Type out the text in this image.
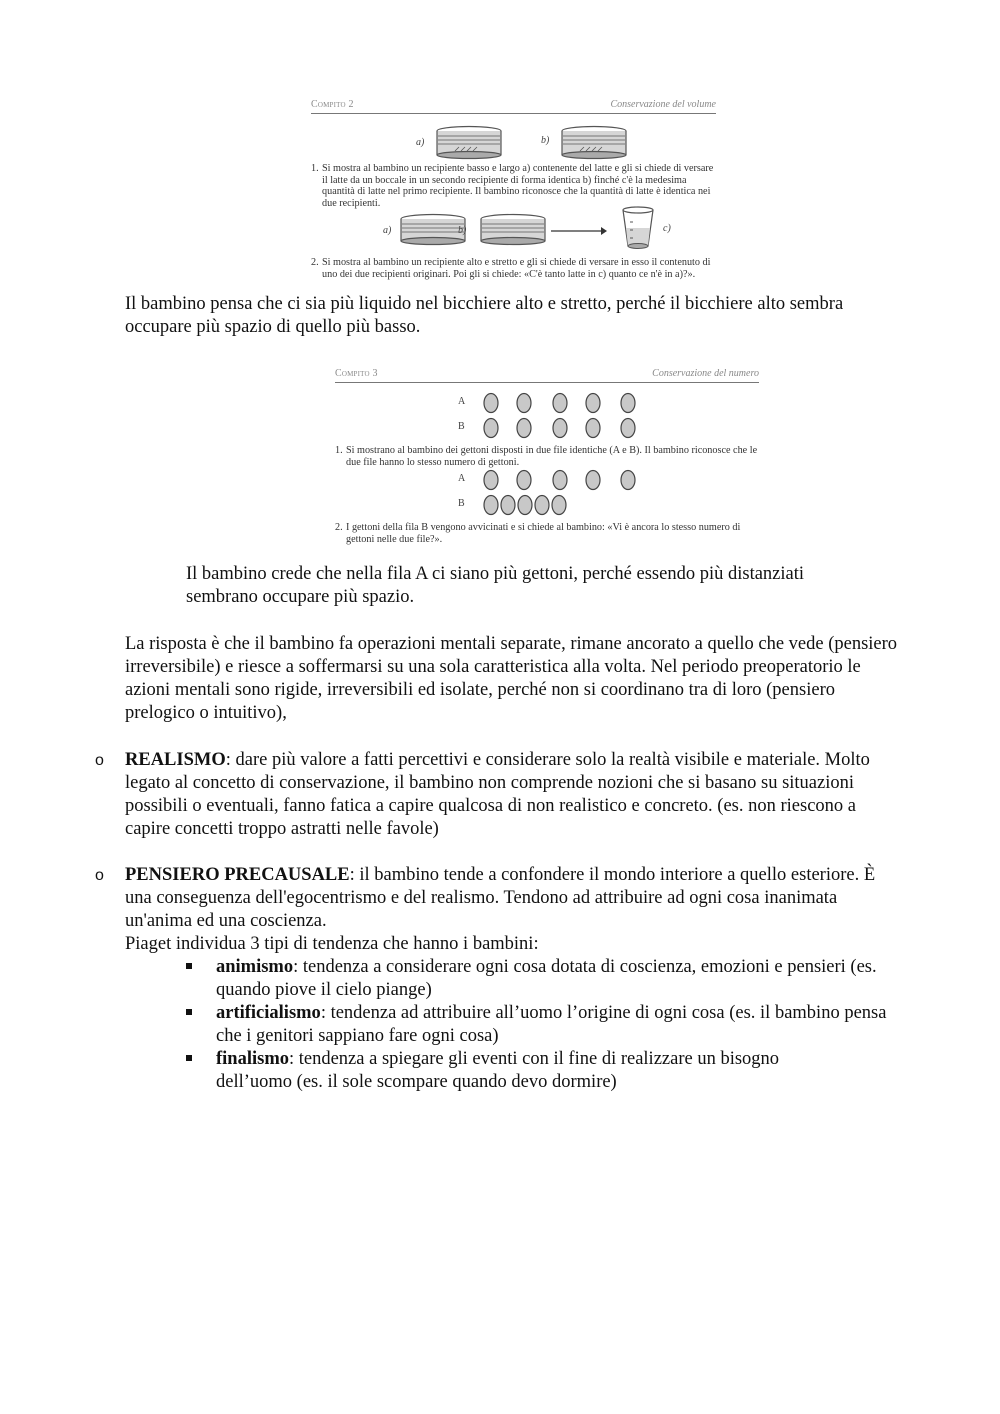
Compito 2	Conservazione del volume
a)	b)
1. Si mostra al bambino un recipiente basso e largo a) contenente del latte e gli si chiede di versare il latte da un boccale in un secondo recipiente di forma identica b) finché c'è la medesima quantità di latte nel primo recipiente. Il bambino riconosce che la quantità di latte è identica nei due recipienti.
a)	b)	c)
2. Si mostra al bambino un recipiente alto e stretto e gli si chiede di versare in esso il contenuto di uno dei due recipienti originari. Poi gli si chiede: «C'è tanto latte in c) quanto ce n'è in a)?».
Il bambino pensa che ci sia più liquido nel bicchiere alto e stretto, perché il bicchiere alto sembra occupare più spazio di quello più basso.
Compito 3	Conservazione del numero
A
B
1. Si mostrano al bambino dei gettoni disposti in due file identiche (A e B). Il bambino riconosce che le due file hanno lo stesso numero di gettoni.
A
B
2. I gettoni della fila B vengono avvicinati e si chiede al bambino: «Vi è ancora lo stesso numero di gettoni nelle due file?».
Il bambino crede che nella fila A ci siano più gettoni, perché essendo più distanziati sembrano occupare più spazio.
La risposta è che il bambino fa operazioni mentali separate, rimane ancorato a quello che vede (pensiero irreversibile) e riesce a soffermarsi su una sola caratteristica alla volta. Nel periodo preoperatorio le azioni mentali sono rigide, irreversibili ed isolate, perché non si coordinano tra di loro (pensiero prelogico o intuitivo),
o REALISMO: dare più valore a fatti percettivi e considerare solo la realtà visibile e materiale. Molto legato al concetto di conservazione, il bambino non comprende nozioni che si basano su situazioni possibili o eventuali, fanno fatica a capire qualcosa di non realistico e concreto. (es. non riescono a capire concetti troppo astratti nelle favole)
o PENSIERO PRECAUSALE: il bambino tende a confondere il mondo interiore a quello esteriore. È una conseguenza dell'egocentrismo e del realismo. Tendono ad attribuire ad ogni cosa inanimata un'anima ed una coscienza.
Piaget individua 3 tipi di tendenza che hanno i bambini:
animismo: tendenza a considerare ogni cosa dotata di coscienza, emozioni e pensieri (es. quando piove il cielo piange)
artificialismo: tendenza ad attribuire all’uomo l’origine di ogni cosa (es. il bambino pensa che i genitori sappiano fare ogni cosa)
finalismo: tendenza a spiegare gli eventi con il fine di realizzare un bisogno dell’uomo (es. il sole scompare quando devo dormire)
